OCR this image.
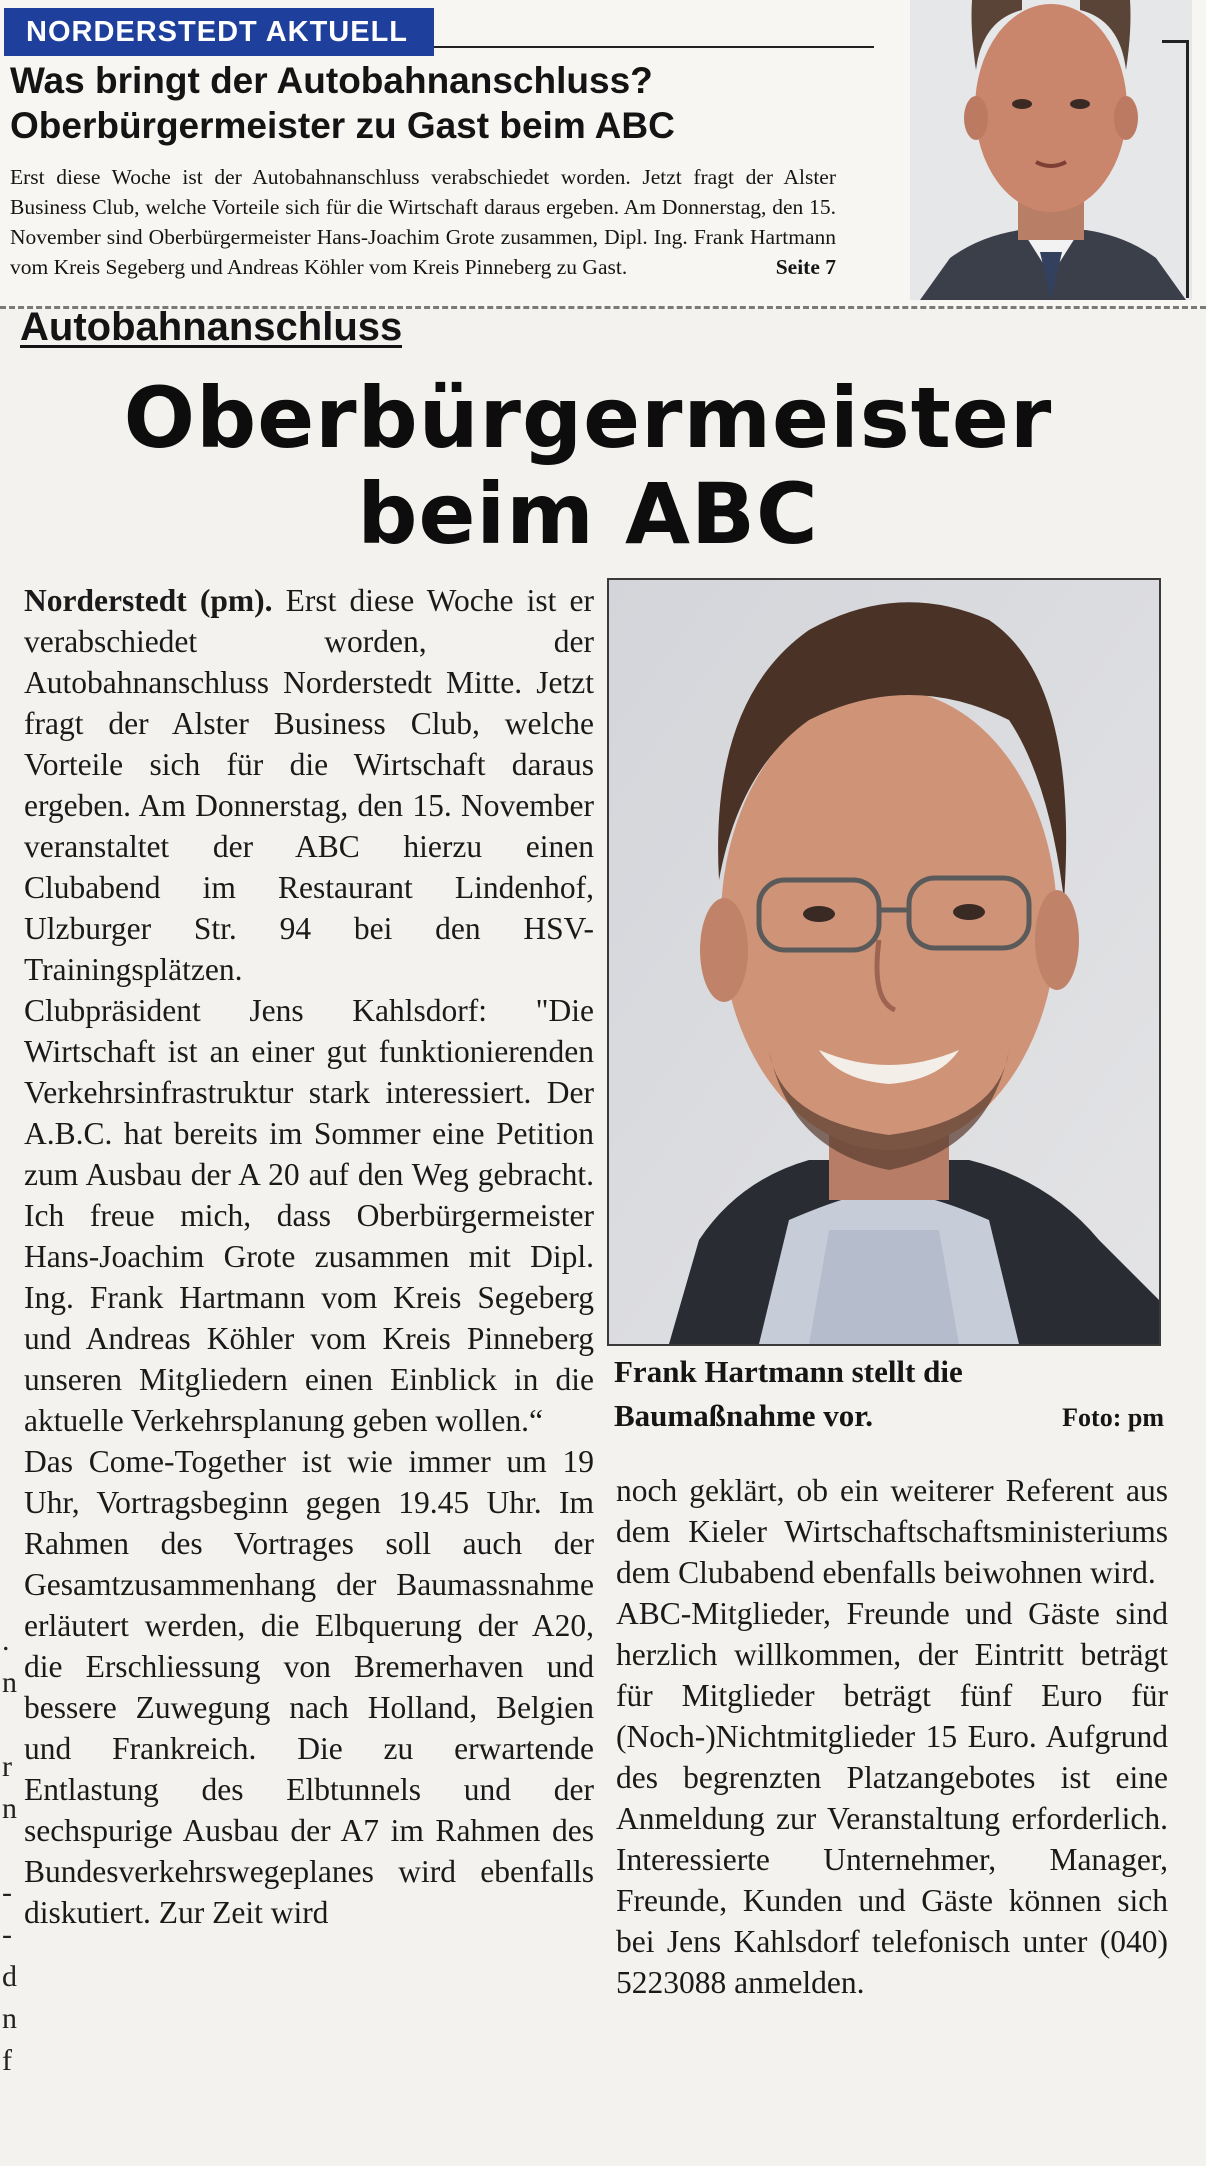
NORDERSTEDT AKTUELL
Was bringt der Autobahnanschluss?
Oberbürgermeister zu Gast beim ABC
Erst diese Woche ist der Autobahnanschluss verabschiedet worden. Jetzt fragt der Alster Business Club, welche Vorteile sich für die Wirtschaft daraus ergeben. Am Donnerstag, den 15. November sind Oberbürgermeister Hans-Joachim Grote zusammen, Dipl. Ing. Frank Hartmann vom Kreis Segeberg und Andreas Köhler vom Kreis Pinneberg zu Gast.	Seite 7
Autobahnanschluss
Oberbürgermeister
beim ABC

Norderstedt (pm). Erst diese Woche ist er verabschiedet worden, der Autobahnanschluss Norderstedt Mitte. Jetzt fragt der Alster Business Club, welche Vorteile sich für die Wirtschaft daraus ergeben. Am Donnerstag, den 15. November veranstaltet der ABC hierzu einen Clubabend im Restaurant Lindenhof, Ulzburger Str. 94 bei den HSV-Trainingsplätzen.

Clubpräsident Jens Kahlsdorf: "Die Wirtschaft ist an einer gut funktionierenden Verkehrsinfrastruktur stark interessiert. Der A.B.C. hat bereits im Sommer eine Petition zum Ausbau der A 20 auf den Weg gebracht. Ich freue mich, dass Oberbürgermeister Hans-Joachim Grote zusammen mit Dipl. Ing. Frank Hartmann vom Kreis Segeberg und Andreas Köhler vom Kreis Pinneberg unseren Mitgliedern einen Einblick in die aktuelle Verkehrsplanung geben wollen.“

Das Come-Together ist wie immer um 19 Uhr, Vortragsbeginn gegen 19.45 Uhr. Im Rahmen des Vortrages soll auch der Gesamtzusammenhang der Baumassnahme erläutert werden, die Elbquerung der A20, die Erschliessung von Bremerhaven und bessere Zuwegung nach Holland, Belgien und Frankreich. Die zu erwartende Entlastung des Elbtunnels und der sechspurige Ausbau der A7 im Rahmen des Bundesverkehrswegeplanes wird ebenfalls diskutiert. Zur Zeit wird

Frank Hartmann stellt die Baumaßnahme vor.	Foto: pm

noch geklärt, ob ein weiterer Referent aus dem Kieler Wirtschaftschaftsministeriums dem Clubabend ebenfalls beiwohnen wird.

ABC-Mitglieder, Freunde und Gäste sind herzlich willkommen, der Eintritt beträgt für Mitglieder beträgt fünf Euro für (Noch-)Nichtmitglieder 15 Euro. Aufgrund des begrenzten Platzangebotes ist eine Anmeldung zur Veranstaltung erforderlich. Interessierte Unternehmer, Manager, Freunde, Kunden und Gäste können sich bei Jens Kahlsdorf telefonisch unter (040) 5223088 anmelden.

.
n

r
n

-
-
d
n
f
